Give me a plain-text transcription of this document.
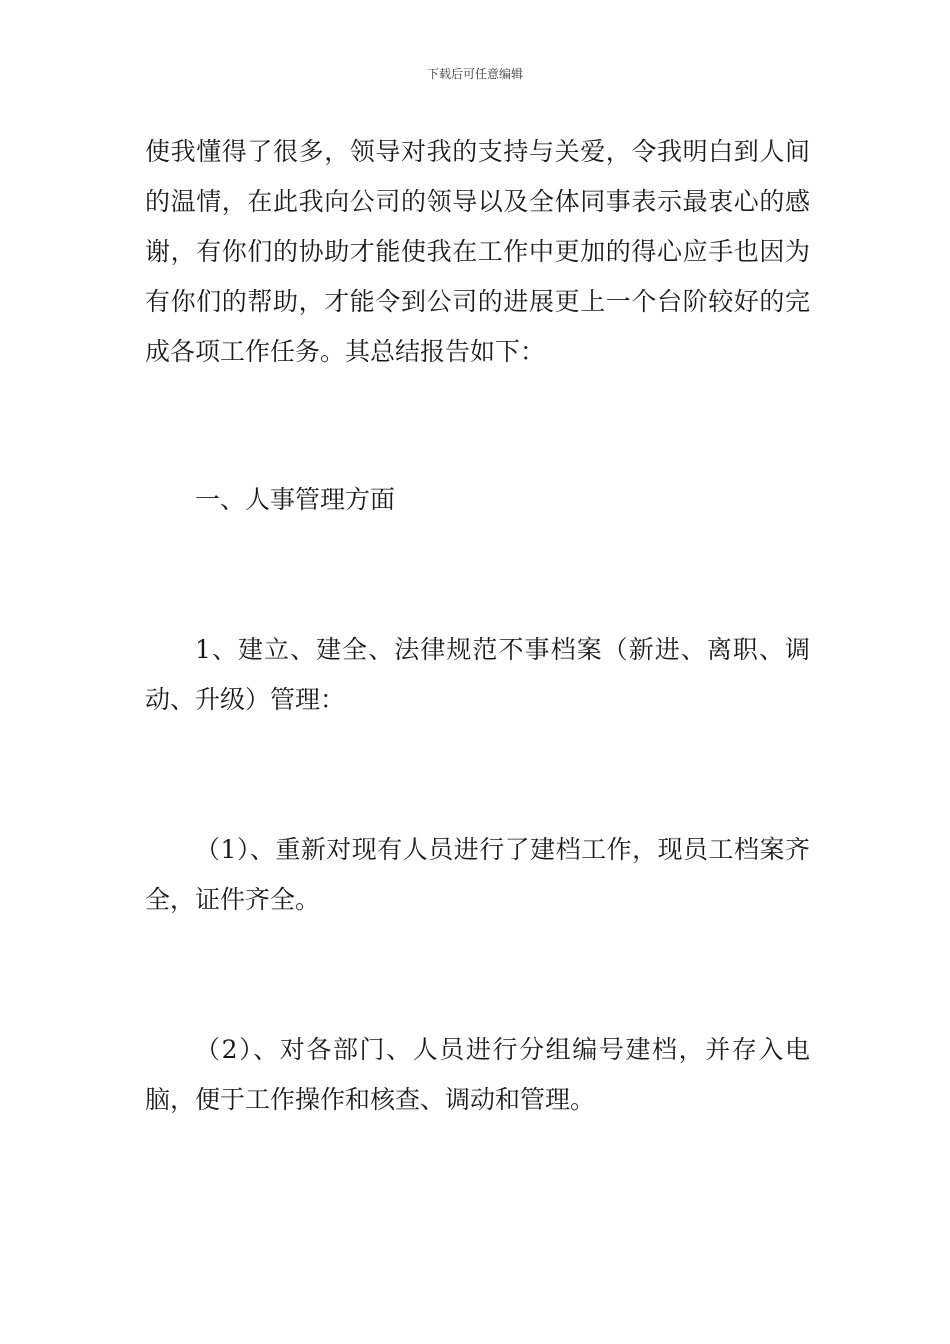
下载后可任意编辑

使我懂得了很多，领导对我的支持与关爱，令我明白到人间的温情，在此我向公司的领导以及全体同事表示最衷心的感谢，有你们的协助才能使我在工作中更加的得心应手也因为有你们的帮助，才能令到公司的进展更上一个台阶较好的完成各项工作任务。其总结报告如下：

一、人事管理方面

1、建立、建全、法律规范不事档案（新进、离职、调动、升级）管理：

（1）、重新对现有人员进行了建档工作，现员工档案齐全，证件齐全。

（2）、对各部门、人员进行分组编号建档，并存入电脑，便于工作操作和核查、调动和管理。
